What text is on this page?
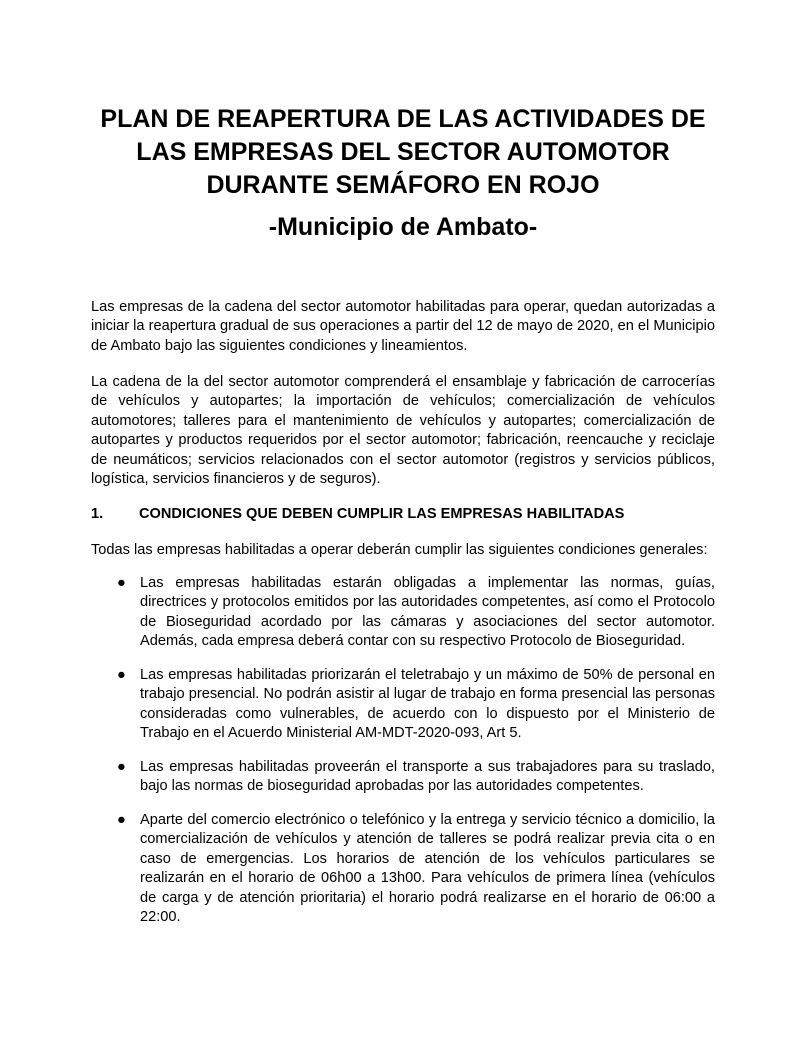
PLAN DE REAPERTURA DE LAS ACTIVIDADES DE
LAS EMPRESAS DEL SECTOR AUTOMOTOR
DURANTE SEMÁFORO EN ROJO
-Municipio de Ambato-

Las empresas de la cadena del sector automotor habilitadas para operar, quedan autorizadas a iniciar la reapertura gradual de sus operaciones a partir del 12 de mayo de 2020, en el Municipio de Ambato bajo las siguientes condiciones y lineamientos.

La cadena de la del sector automotor comprenderá el ensamblaje y fabricación de carrocerías de vehículos y autopartes; la importación de vehículos; comercialización de vehículos automotores; talleres para el mantenimiento de vehículos y autopartes; comercialización de autopartes y productos requeridos por el sector automotor; fabricación, reencauche y reciclaje de neumáticos; servicios relacionados con el sector automotor (registros y servicios públicos, logística, servicios financieros y de seguros).

1. CONDICIONES QUE DEBEN CUMPLIR LAS EMPRESAS HABILITADAS

Todas las empresas habilitadas a operar deberán cumplir las siguientes condiciones generales:

● Las empresas habilitadas estarán obligadas a implementar las normas, guías, directrices y protocolos emitidos por las autoridades competentes, así como el Protocolo de Bioseguridad acordado por las cámaras y asociaciones del sector automotor. Además, cada empresa deberá contar con su respectivo Protocolo de Bioseguridad.

● Las empresas habilitadas priorizarán el teletrabajo y un máximo de 50% de personal en trabajo presencial. No podrán asistir al lugar de trabajo en forma presencial las personas consideradas como vulnerables, de acuerdo con lo dispuesto por el Ministerio de Trabajo en el Acuerdo Ministerial AM-MDT-2020-093, Art 5.

● Las empresas habilitadas proveerán el transporte a sus trabajadores para su traslado, bajo las normas de bioseguridad aprobadas por las autoridades competentes.

● Aparte del comercio electrónico o telefónico y la entrega y servicio técnico a domicilio, la comercialización de vehículos y atención de talleres se podrá realizar previa cita o en caso de emergencias. Los horarios de atención de los vehículos particulares se realizarán en el horario de 06h00 a 13h00. Para vehículos de primera línea (vehículos de carga y de atención prioritaria) el horario podrá realizarse en el horario de 06:00 a 22:00.
